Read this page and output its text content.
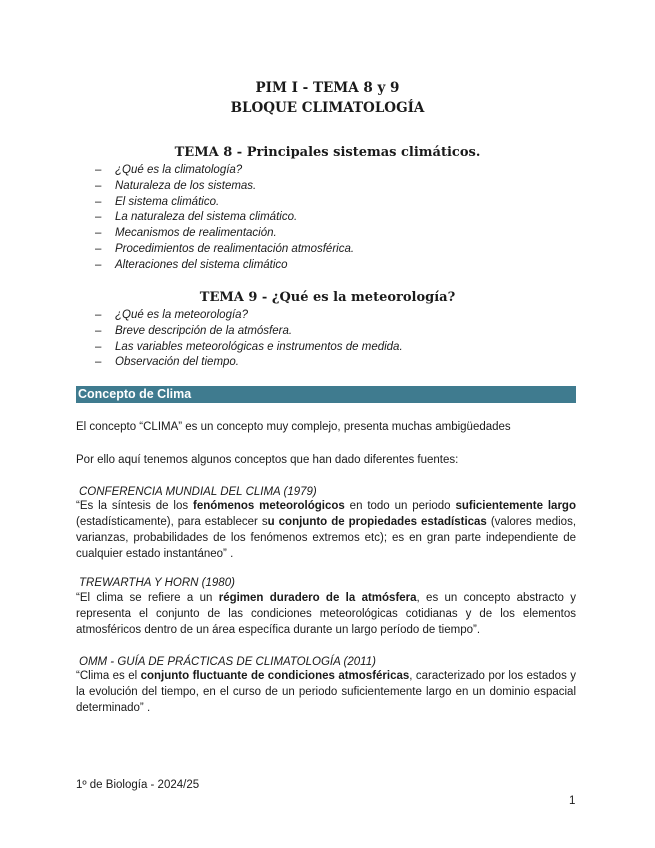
PIM I - TEMA 8 y 9
BLOQUE CLIMATOLOGÍA
TEMA 8 - Principales sistemas climáticos.
– ¿Qué es la climatología?
– Naturaleza de los sistemas.
– El sistema climático.
– La naturaleza del sistema climático.
– Mecanismos de realimentación.
– Procedimientos de realimentación atmosférica.
– Alteraciones del sistema climático
TEMA 9 - ¿Qué es la meteorología?
– ¿Qué es la meteorología?
– Breve descripción de la atmósfera.
– Las variables meteorológicas e instrumentos de medida.
– Observación del tiempo.
Concepto de Clima

El concepto “CLIMA” es un concepto muy complejo, presenta muchas ambigüedades

Por ello aquí tenemos algunos conceptos que han dado diferentes fuentes:

CONFERENCIA MUNDIAL DEL CLIMA (1979)

“Es la síntesis de los fenómenos meteorológicos en todo un periodo suficientemente largo (estadísticamente), para establecer su conjunto de propiedades estadísticas (valores medios, varianzas, probabilidades de los fenómenos extremos etc); es en gran parte independiente de cualquier estado instantáneo” .

TREWARTHA Y HORN (1980)

“El clima se refiere a un régimen duradero de la atmósfera, es un concepto abstracto y representa el conjunto de las condiciones meteorológicas cotidianas y de los elementos atmosféricos dentro de un área específica durante un largo período de tiempo”.

OMM - GUÍA DE PRÁCTICAS DE CLIMATOLOGÍA (2011)

“Clima es el conjunto fluctuante de condiciones atmosféricas, caracterizado por los estados y la evolución del tiempo, en el curso de un periodo suficientemente largo en un dominio espacial determinado” .

1º de Biología - 2024/25
1
